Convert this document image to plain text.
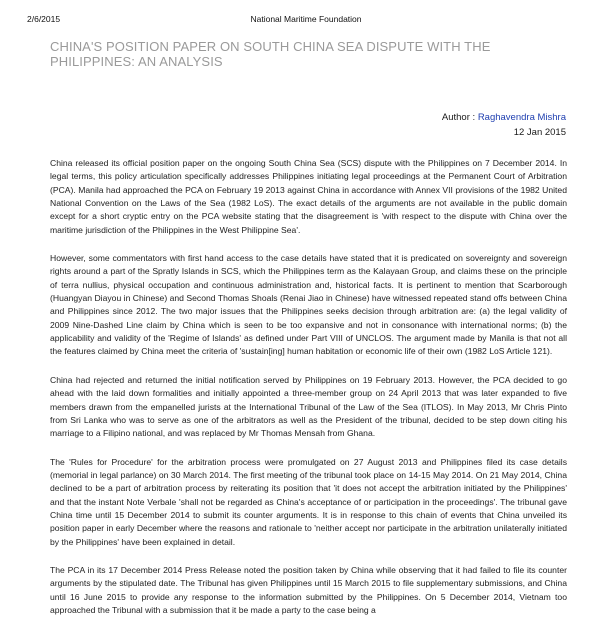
2/6/2015	National Maritime Foundation
CHINA'S POSITION PAPER ON SOUTH CHINA SEA DISPUTE WITH THE PHILIPPINES: AN ANALYSIS
Author : Raghavendra Mishra
12 Jan 2015

China released its official position paper on the ongoing South China Sea (SCS) dispute with the Philippines on 7 December 2014. In legal terms, this policy articulation specifically addresses Philippines initiating legal proceedings at the Permanent Court of Arbitration (PCA). Manila had approached the PCA on February 19 2013 against China in accordance with Annex VII provisions of the 1982 United National Convention on the Laws of the Sea (1982 LoS). The exact details of the arguments are not available in the public domain except for a short cryptic entry on the PCA website stating that the disagreement is 'with respect to the dispute with China over the maritime jurisdiction of the Philippines in the West Philippine Sea'.

However, some commentators with first hand access to the case details have stated that it is predicated on sovereignty and sovereign rights around a part of the Spratly Islands in SCS, which the Philippines term as the Kalayaan Group, and claims these on the principle of terra nullius, physical occupation and continuous administration and, historical facts. It is pertinent to mention that Scarborough (Huangyan Diayou in Chinese) and Second Thomas Shoals (Renai Jiao in Chinese) have witnessed repeated stand offs between China and Philippines since 2012. The two major issues that the Philippines seeks decision through arbitration are: (a) the legal validity of 2009 Nine-Dashed Line claim by China which is seen to be too expansive and not in consonance with international norms; (b) the applicability and validity of the 'Regime of Islands' as defined under Part VIII of UNCLOS. The argument made by Manila is that not all the features claimed by China meet the criteria of 'sustain[ing] human habitation or economic life of their own (1982 LoS Article 121).

China had rejected and returned the initial notification served by Philippines on 19 February 2013. However, the PCA decided to go ahead with the laid down formalities and initially appointed a three-member group on 24 April 2013 that was later expanded to five members drawn from the empanelled jurists at the International Tribunal of the Law of the Sea (ITLOS). In May 2013, Mr Chris Pinto from Sri Lanka who was to serve as one of the arbitrators as well as the President of the tribunal, decided to be step down citing his marriage to a Filipino national, and was replaced by Mr Thomas Mensah from Ghana.

The 'Rules for Procedure' for the arbitration process were promulgated on 27 August 2013 and Philippines filed its case details (memorial in legal parlance) on 30 March 2014. The first meeting of the tribunal took place on 14-15 May 2014. On 21 May 2014, China declined to be a part of arbitration process by reiterating its position that 'it does not accept the arbitration initiated by the Philippines' and that the instant Note Verbale 'shall not be regarded as China's acceptance of or participation in the proceedings'. The tribunal gave China time until 15 December 2014 to submit its counter arguments. It is in response to this chain of events that China unveiled its position paper in early December where the reasons and rationale to 'neither accept nor participate in the arbitration unilaterally initiated by the Philippines' have been explained in detail.

The PCA in its 17 December 2014 Press Release noted the position taken by China while observing that it had failed to file its counter arguments by the stipulated date. The Tribunal has given Philippines until 15 March 2015 to file supplementary submissions, and China until 16 June 2015 to provide any response to the information submitted by the Philippines. On 5 December 2014, Vietnam too approached the Tribunal with a submission that it be made a party to the case being a
